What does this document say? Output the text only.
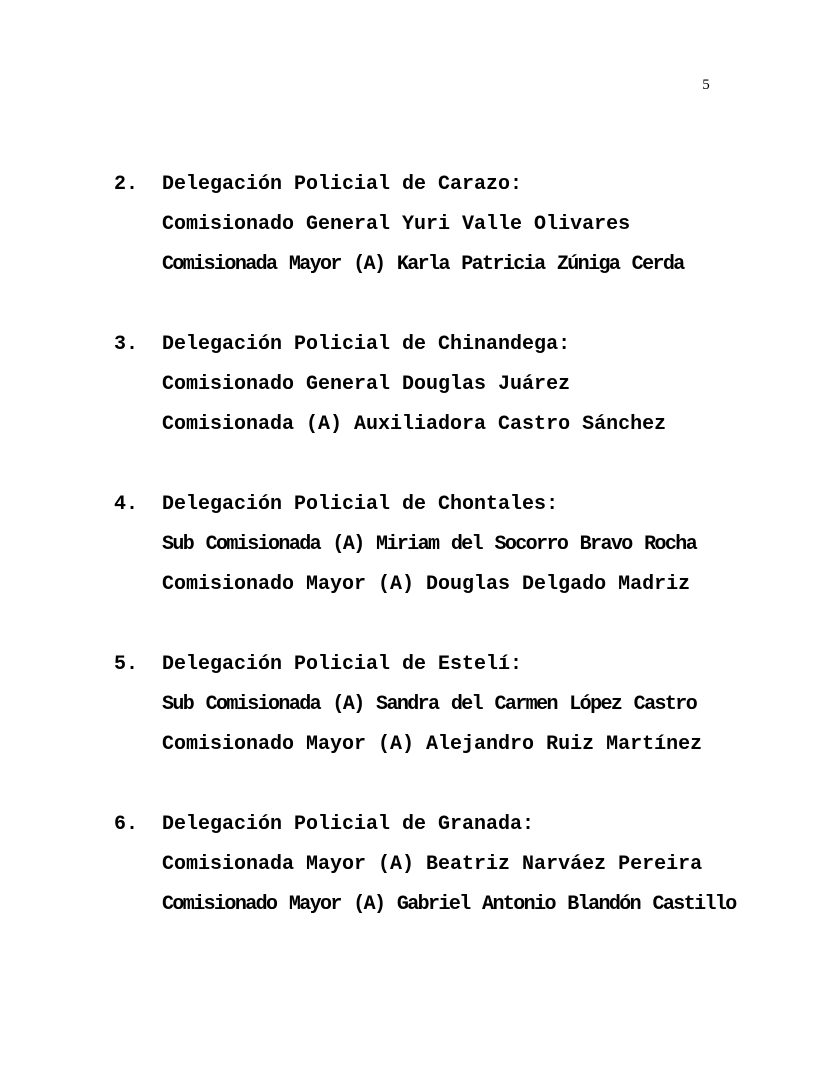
5
2. Delegación Policial de Carazo:
Comisionado General Yuri Valle Olivares
Comisionada Mayor (A) Karla Patricia Zúniga Cerda
3. Delegación Policial de Chinandega:
Comisionado General Douglas Juárez
Comisionada (A) Auxiliadora Castro Sánchez
4. Delegación Policial de Chontales:
Sub Comisionada (A) Miriam del Socorro Bravo Rocha
Comisionado Mayor (A) Douglas Delgado Madriz
5. Delegación Policial de Estelí:
Sub Comisionada (A) Sandra del Carmen López Castro
Comisionado Mayor (A) Alejandro Ruiz Martínez
6. Delegación Policial de Granada:
Comisionada Mayor (A) Beatriz Narváez Pereira
Comisionado Mayor (A) Gabriel Antonio Blandón Castillo
